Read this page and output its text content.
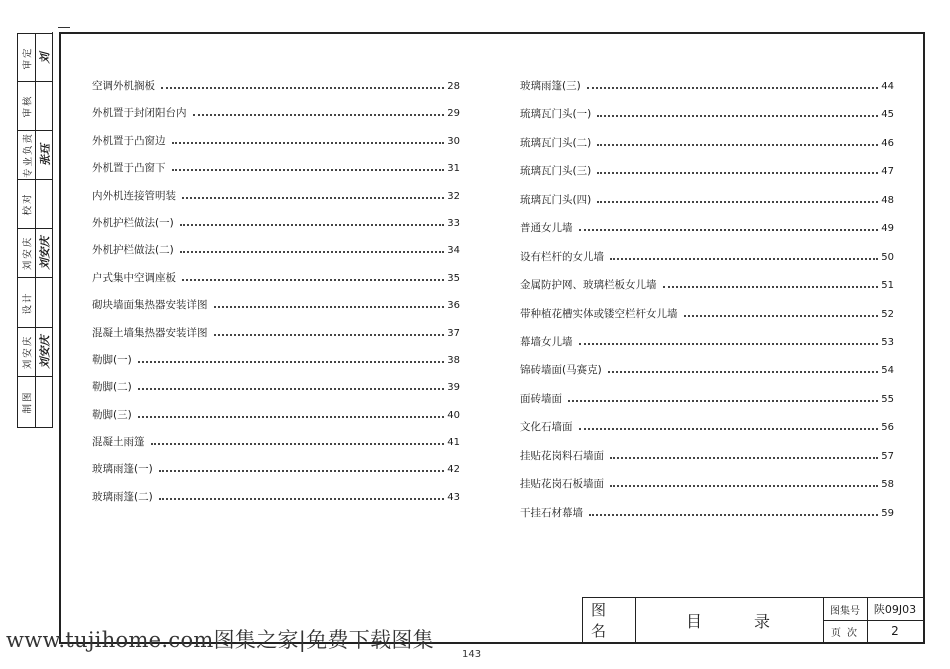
审定 刘
审核
专业负责 张珏
校对
刘安庆 刘安庆
设计
刘安庆 刘安庆
制图
空调外机搁板	28
外机置于封闭阳台内	29
外机置于凸窗边	30
外机置于凸窗下	31
内外机连接管明装	32
外机护栏做法(一)	33
外机护栏做法(二)	34
户式集中空调座板	35
砌块墙面集热器安装详图	36
混凝土墙集热器安装详图	37
勒脚(一)	38
勒脚(二)	39
勒脚(三)	40
混凝土雨篷	41
玻璃雨篷(一)	42
玻璃雨篷(二)	43
玻璃雨篷(三)	44
琉璃瓦门头(一)	45
琉璃瓦门头(二)	46
琉璃瓦门头(三)	47
琉璃瓦门头(四)	48
普通女儿墙	49
设有栏杆的女儿墙	50
金属防护网、玻璃栏板女儿墙	51
带种植花槽实体或镂空栏杆女儿墙	52
幕墙女儿墙	53
锦砖墙面(马赛克)	54
面砖墙面	55
文化石墙面	56
挂贴花岗料石墙面	57
挂贴花岗石板墙面	58
干挂石材幕墙	59
图名
目录
图集号	陕09J03
页次	2
www.tujihome.com图集之家|免费下载图集
143
